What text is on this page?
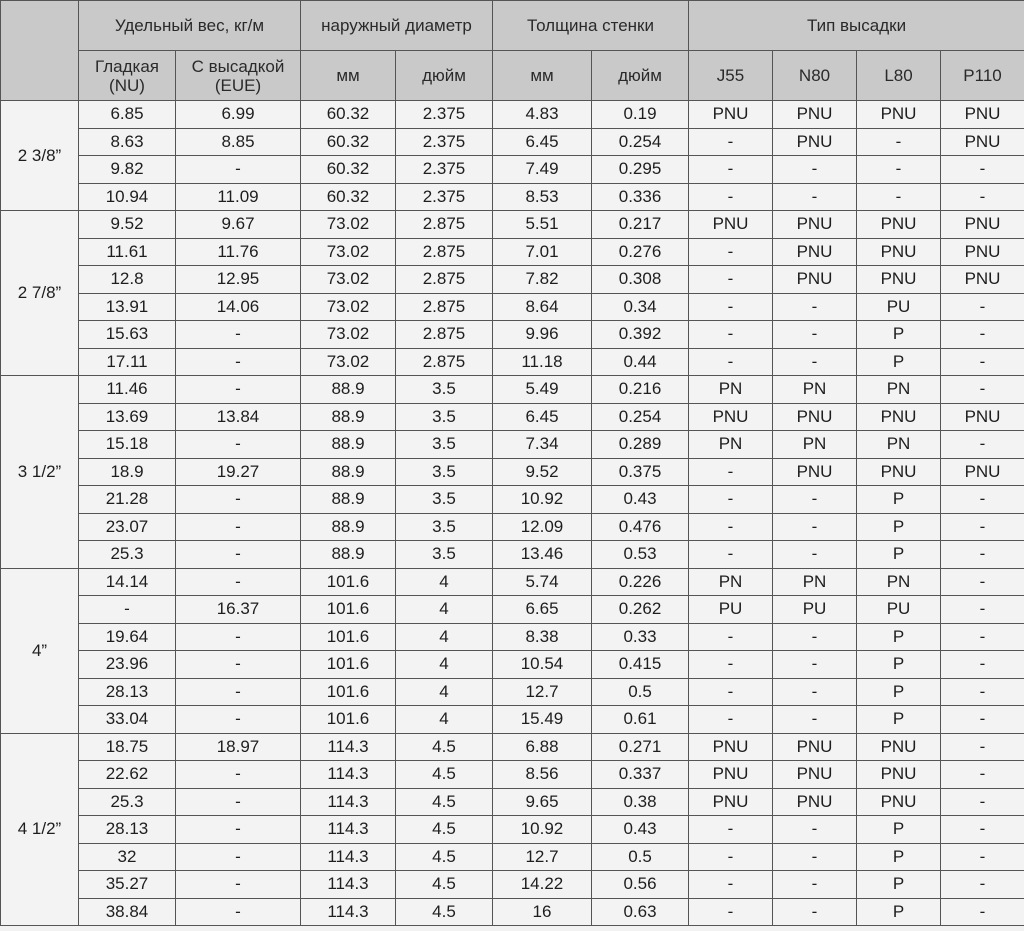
	Удельный вес, кг/м		наружный диаметр		Толщина стенки		Тип высадки			
	Гладкая (NU)	С высадкой (EUE)	мм	дюйм	мм	дюйм	J55	N80	L80	P110
2 3/8”	6.85	6.99	60.32	2.375	4.83	0.19	PNU	PNU	PNU	PNU
	8.63	8.85	60.32	2.375	6.45	0.254	-	PNU	-	PNU
	9.82	-	60.32	2.375	7.49	0.295	-	-	-	-
	10.94	11.09	60.32	2.375	8.53	0.336	-	-	-	-
2 7/8”	9.52	9.67	73.02	2.875	5.51	0.217	PNU	PNU	PNU	PNU
	11.61	11.76	73.02	2.875	7.01	0.276	-	PNU	PNU	PNU
	12.8	12.95	73.02	2.875	7.82	0.308	-	PNU	PNU	PNU
	13.91	14.06	73.02	2.875	8.64	0.34	-	-	PU	-
	15.63	-	73.02	2.875	9.96	0.392	-	-	P	-
	17.11	-	73.02	2.875	11.18	0.44	-	-	P	-
3 1/2”	11.46	-	88.9	3.5	5.49	0.216	PN	PN	PN	-
	13.69	13.84	88.9	3.5	6.45	0.254	PNU	PNU	PNU	PNU
	15.18	-	88.9	3.5	7.34	0.289	PN	PN	PN	-
	18.9	19.27	88.9	3.5	9.52	0.375	-	PNU	PNU	PNU
	21.28	-	88.9	3.5	10.92	0.43	-	-	P	-
	23.07	-	88.9	3.5	12.09	0.476	-	-	P	-
	25.3	-	88.9	3.5	13.46	0.53	-	-	P	-
4”	14.14	-	101.6	4	5.74	0.226	PN	PN	PN	-
	-	16.37	101.6	4	6.65	0.262	PU	PU	PU	-
	19.64	-	101.6	4	8.38	0.33	-	-	P	-
	23.96	-	101.6	4	10.54	0.415	-	-	P	-
	28.13	-	101.6	4	12.7	0.5	-	-	P	-
	33.04	-	101.6	4	15.49	0.61	-	-	P	-
4 1/2”	18.75	18.97	114.3	4.5	6.88	0.271	PNU	PNU	PNU	-
	22.62	-	114.3	4.5	8.56	0.337	PNU	PNU	PNU	-
	25.3	-	114.3	4.5	9.65	0.38	PNU	PNU	PNU	-
	28.13	-	114.3	4.5	10.92	0.43	-	-	P	-
	32	-	114.3	4.5	12.7	0.5	-	-	P	-
	35.27	-	114.3	4.5	14.22	0.56	-	-	P	-
	38.84	-	114.3	4.5	16	0.63	-	-	P	-
